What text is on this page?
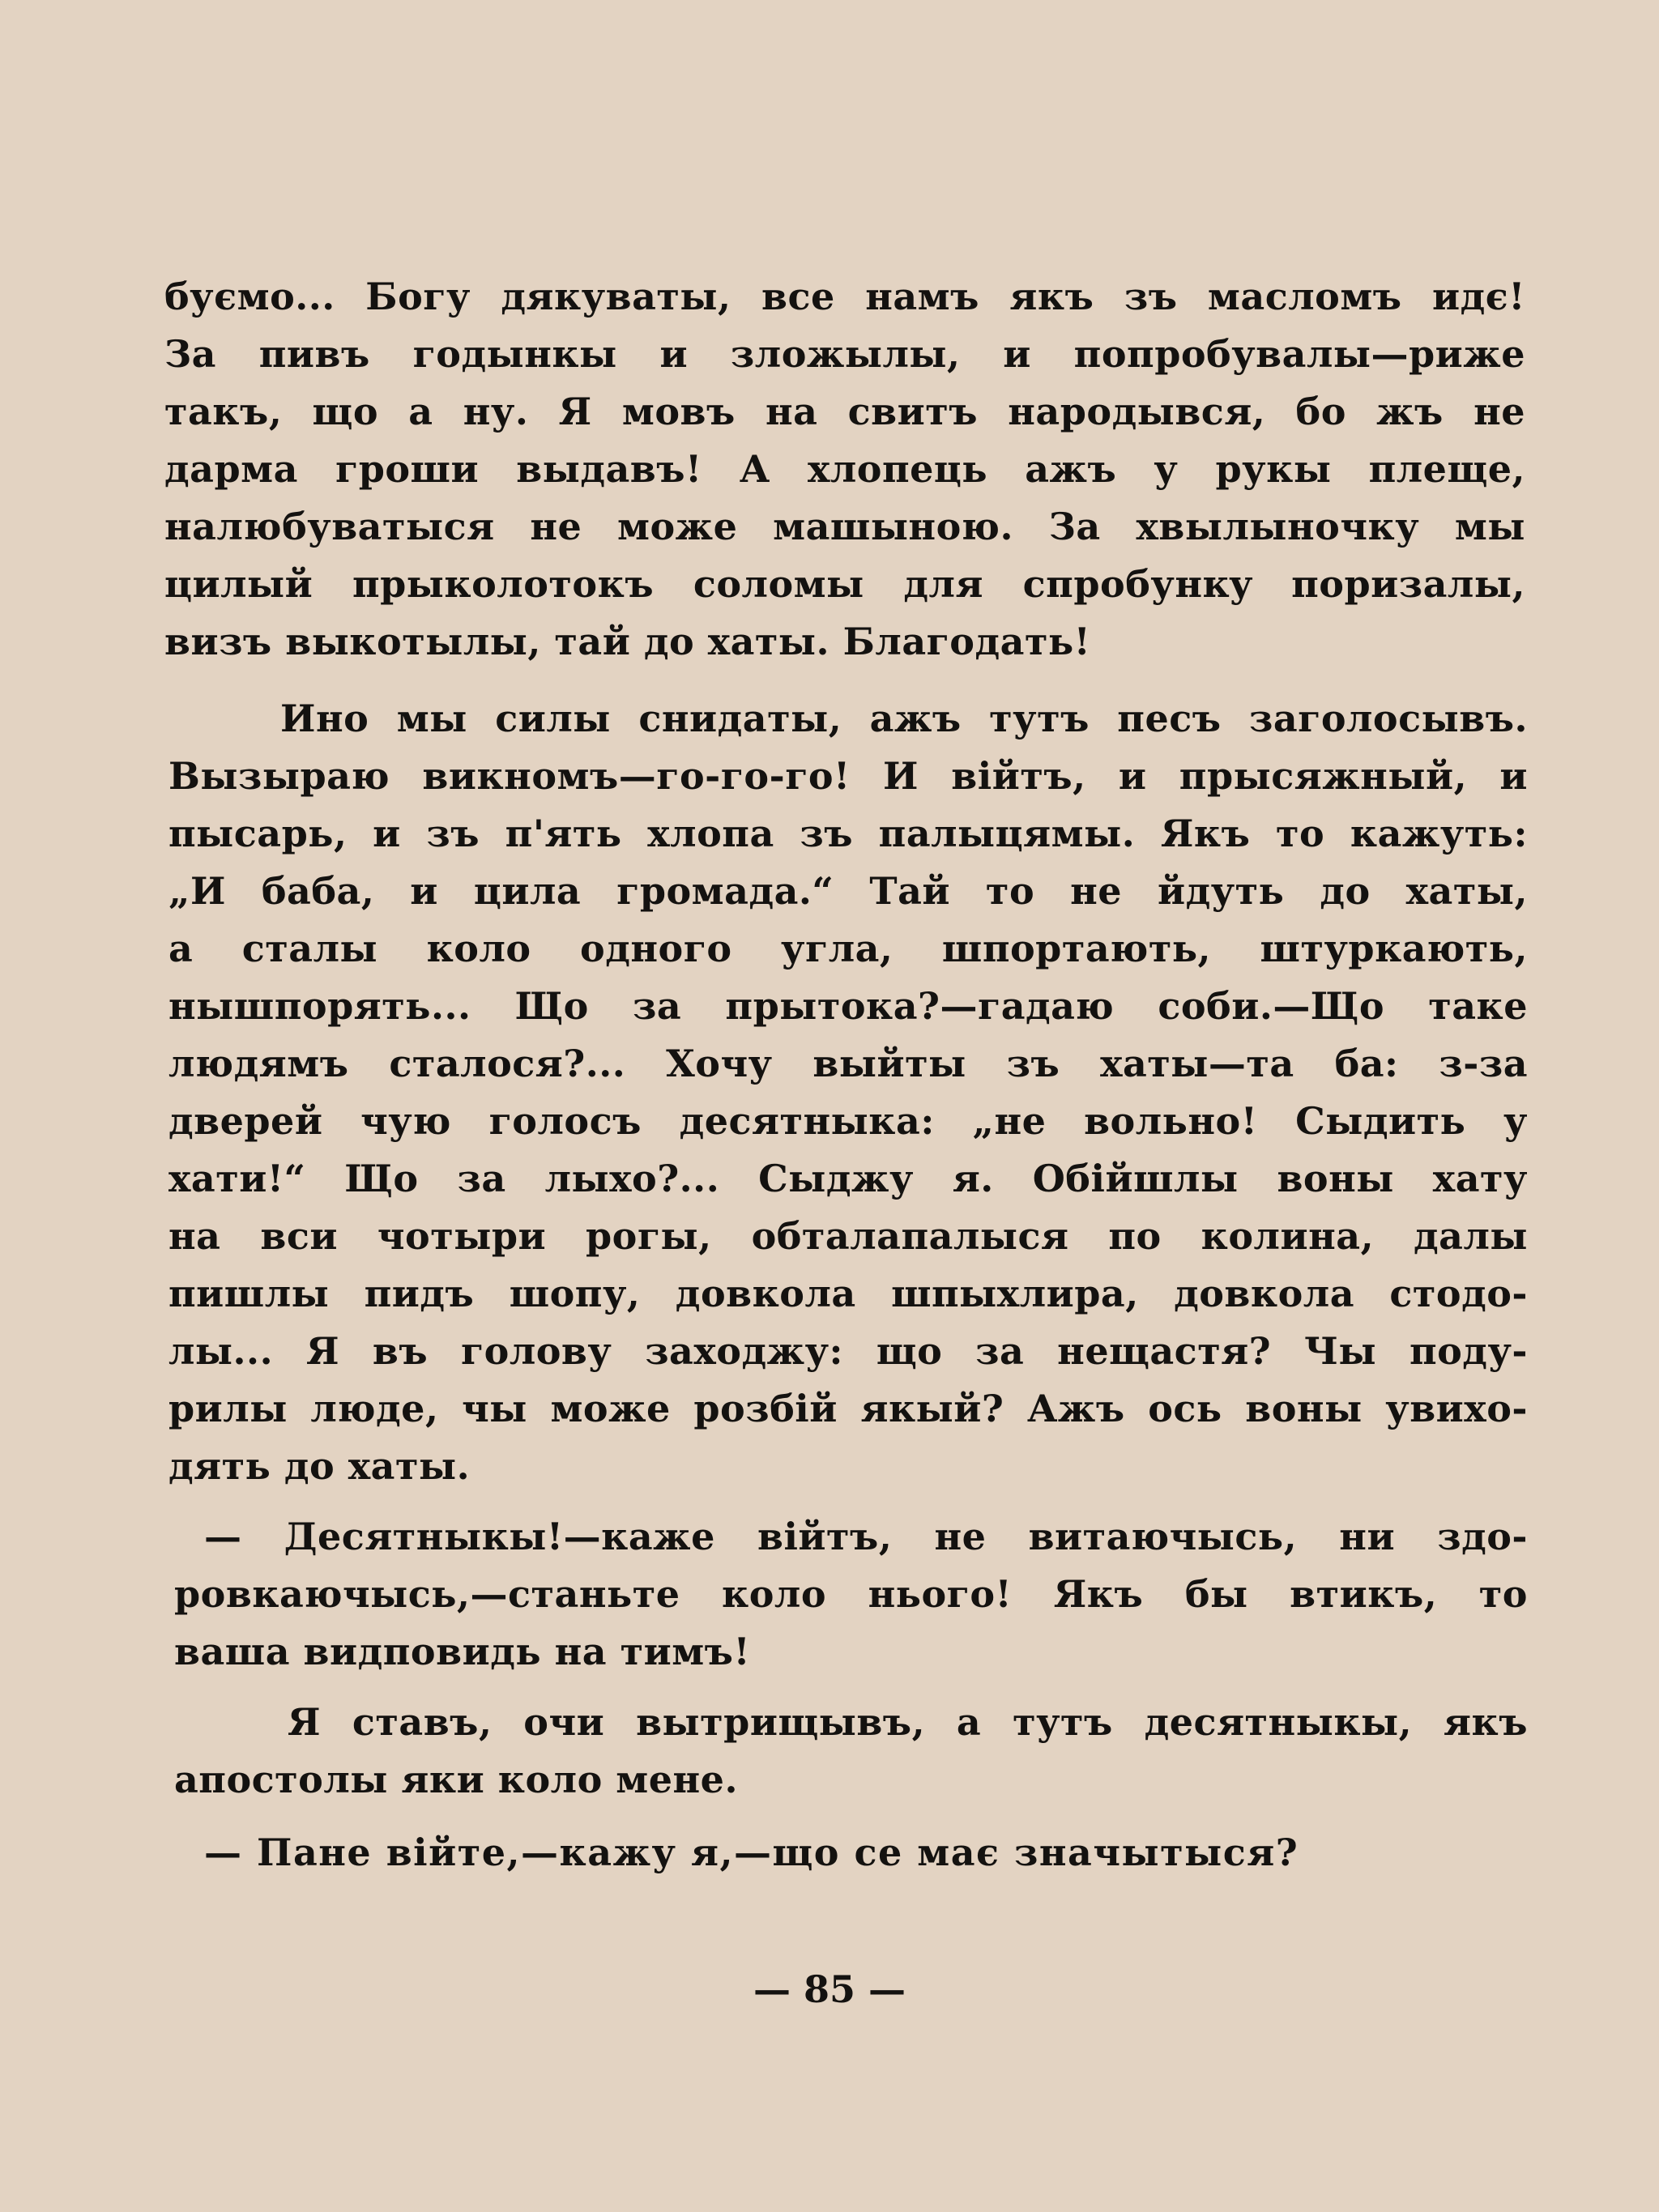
буємо... Богу дякуваты, все намъ якъ зъ масломъ идє!
За пивъ годынкы и зложылы, и попробувалы—риже
такъ, що а ну. Я мовъ на свитъ народывся, бо жъ не
дарма гроши выдавъ! А хлопець ажъ у рукы плеще,
налюбуватыся не може машыною. За хвылыночку мы
цилый прыколотокъ соломы для спробункy поризалы,
визъ выкотылы, тай до хаты. Благодать!
Ино мы силы снидаты, ажъ тутъ песъ заголосывъ.
Вызыраю викномъ—го-го-го! И війтъ, и прысяжный, и
пысарь, и зъ п'ять хлопа зъ палыцямы. Якъ то кажуть:
„И баба, и цила громада.“ Тай то не йдуть до хаты,
а сталы коло одного угла, шпортають, штуркають,
нышпорять... Що за прытока?—гадаю соби.—Що таке
людямъ сталося?... Хочу выйты зъ хаты—та ба: з-за
дверей чую голосъ десятныка: „не вольно! Сыдить у
хати!“ Що за лыхо?... Сыджу я. Обійшлы воны хату
на вси чотыри рогы, обталапалыся по колина, далы
пишлы пидъ шопу, довкола шпыхлира, довкола стодо-
лы... Я въ голову заходжу: що за нещастя? Чы поду-
рилы люде, чы може розбій якый? Ажъ ось воны увихо-
дять до хаты.
— Десятныкы!—каже війтъ, не витаючысь, ни здо-
ровкаючысь,—станьте коло нього! Якъ бы втикъ, то
ваша видповидь на тимъ!
Я ставъ, очи вытрищывъ, а тутъ десятныкы, якъ
апостолы яки коло мене.
— Пане війте,—кажу я,—що се має значытыся?
— 85 —
